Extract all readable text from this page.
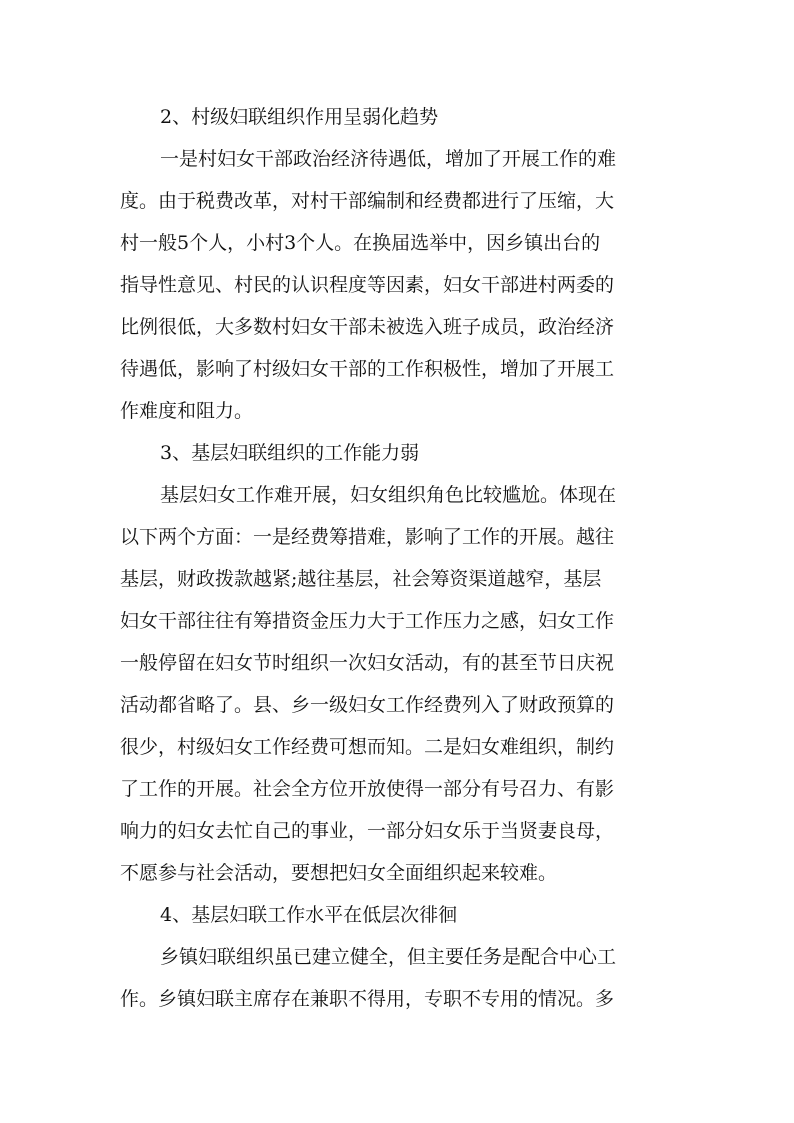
2、村级妇联组织作用呈弱化趋势
一是村妇女干部政治经济待遇低，增加了开展工作的难
度。由于税费改革，对村干部编制和经费都进行了压缩，大
村一般5个人，小村3个人。在换届选举中，因乡镇出台的
指导性意见、村民的认识程度等因素，妇女干部进村两委的
比例很低，大多数村妇女干部未被选入班子成员，政治经济
待遇低，影响了村级妇女干部的工作积极性，增加了开展工
作难度和阻力。
3、基层妇联组织的工作能力弱
基层妇女工作难开展，妇女组织角色比较尴尬。体现在
以下两个方面：一是经费筹措难，影响了工作的开展。越往
基层，财政拨款越紧;越往基层，社会筹资渠道越窄，基层
妇女干部往往有筹措资金压力大于工作压力之感，妇女工作
一般停留在妇女节时组织一次妇女活动，有的甚至节日庆祝
活动都省略了。县、乡一级妇女工作经费列入了财政预算的
很少，村级妇女工作经费可想而知。二是妇女难组织，制约
了工作的开展。社会全方位开放使得一部分有号召力、有影
响力的妇女去忙自己的事业，一部分妇女乐于当贤妻良母，
不愿参与社会活动，要想把妇女全面组织起来较难。
4、基层妇联工作水平在低层次徘徊
乡镇妇联组织虽已建立健全，但主要任务是配合中心工
作。乡镇妇联主席存在兼职不得用，专职不专用的情况。多
